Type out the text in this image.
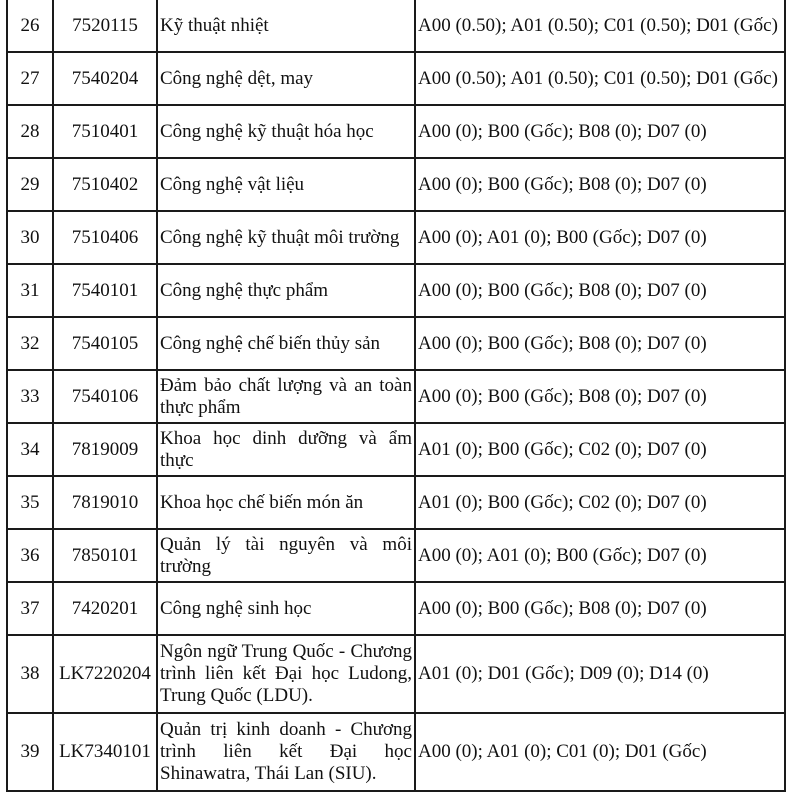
26	7520115	Kỹ thuật nhiệt	A00 (0.50); A01 (0.50); C01 (0.50); D01 (Gốc)
27	7540204	Công nghệ dệt, may	A00 (0.50); A01 (0.50); C01 (0.50); D01 (Gốc)
28	7510401	Công nghệ kỹ thuật hóa học	A00 (0); B00 (Gốc); B08 (0); D07 (0)
29	7510402	Công nghệ vật liệu	A00 (0); B00 (Gốc); B08 (0); D07 (0)
30	7510406	Công nghệ kỹ thuật môi trường	A00 (0); A01 (0); B00 (Gốc); D07 (0)
31	7540101	Công nghệ thực phẩm	A00 (0); B00 (Gốc); B08 (0); D07 (0)
32	7540105	Công nghệ chế biến thủy sản	A00 (0); B00 (Gốc); B08 (0); D07 (0)
33	7540106	Đảm bảo chất lượng và an toàn thực phẩm	A00 (0); B00 (Gốc); B08 (0); D07 (0)
34	7819009	Khoa học dinh dưỡng và ẩm thực	A01 (0); B00 (Gốc); C02 (0); D07 (0)
35	7819010	Khoa học chế biến món ăn	A01 (0); B00 (Gốc); C02 (0); D07 (0)
36	7850101	Quản lý tài nguyên và môi trường	A00 (0); A01 (0); B00 (Gốc); D07 (0)
37	7420201	Công nghệ sinh học	A00 (0); B00 (Gốc); B08 (0); D07 (0)
38	LK7220204	Ngôn ngữ Trung Quốc - Chương trình liên kết Đại học Ludong, Trung Quốc (LDU).	A01 (0); D01 (Gốc); D09 (0); D14 (0)
39	LK7340101	Quản trị kinh doanh - Chương trình liên kết Đại học Shinawatra, Thái Lan (SIU).	A00 (0); A01 (0); C01 (0); D01 (Gốc)
